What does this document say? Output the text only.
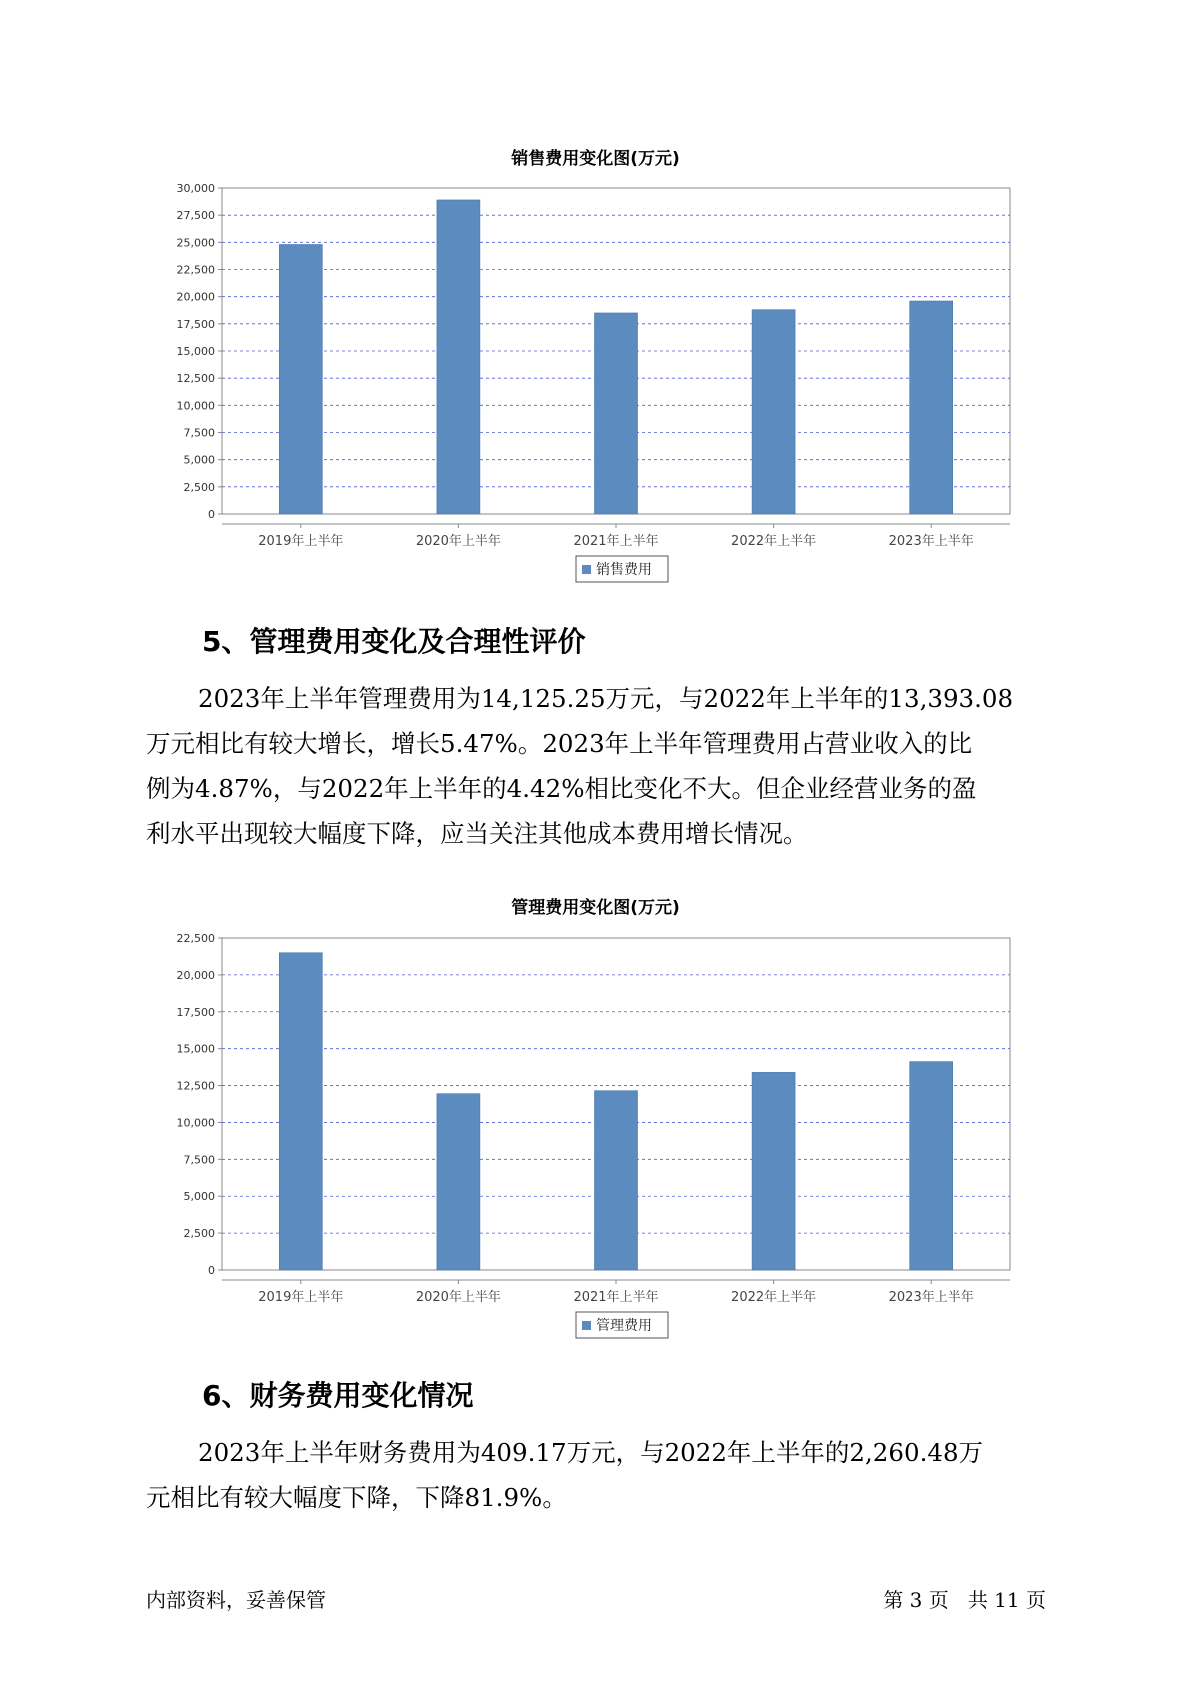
销售费用变化图(万元)
0
2,500
5,000
7,500
10,000
12,500
15,000
17,500
20,000
22,500
25,000
27,500
30,000
2019年上半年	2020年上半年	2021年上半年	2022年上半年	2023年上半年
销售费用
5、管理费用变化及合理性评价
2023年上半年管理费用为14,125.25万元，与2022年上半年的13,393.08
万元相比有较大增长，增长5.47%。2023年上半年管理费用占营业收入的比
例为4.87%，与2022年上半年的4.42%相比变化不大。但企业经营业务的盈
利水平出现较大幅度下降，应当关注其他成本费用增长情况。
管理费用变化图(万元)
0
2,500
5,000
7,500
10,000
12,500
15,000
17,500
20,000
22,500
2019年上半年	2020年上半年	2021年上半年	2022年上半年	2023年上半年
管理费用
6、财务费用变化情况
2023年上半年财务费用为409.17万元，与2022年上半年的2,260.48万
元相比有较大幅度下降，下降81.9%。
内部资料，妥善保管	第 3 页   共 11 页
